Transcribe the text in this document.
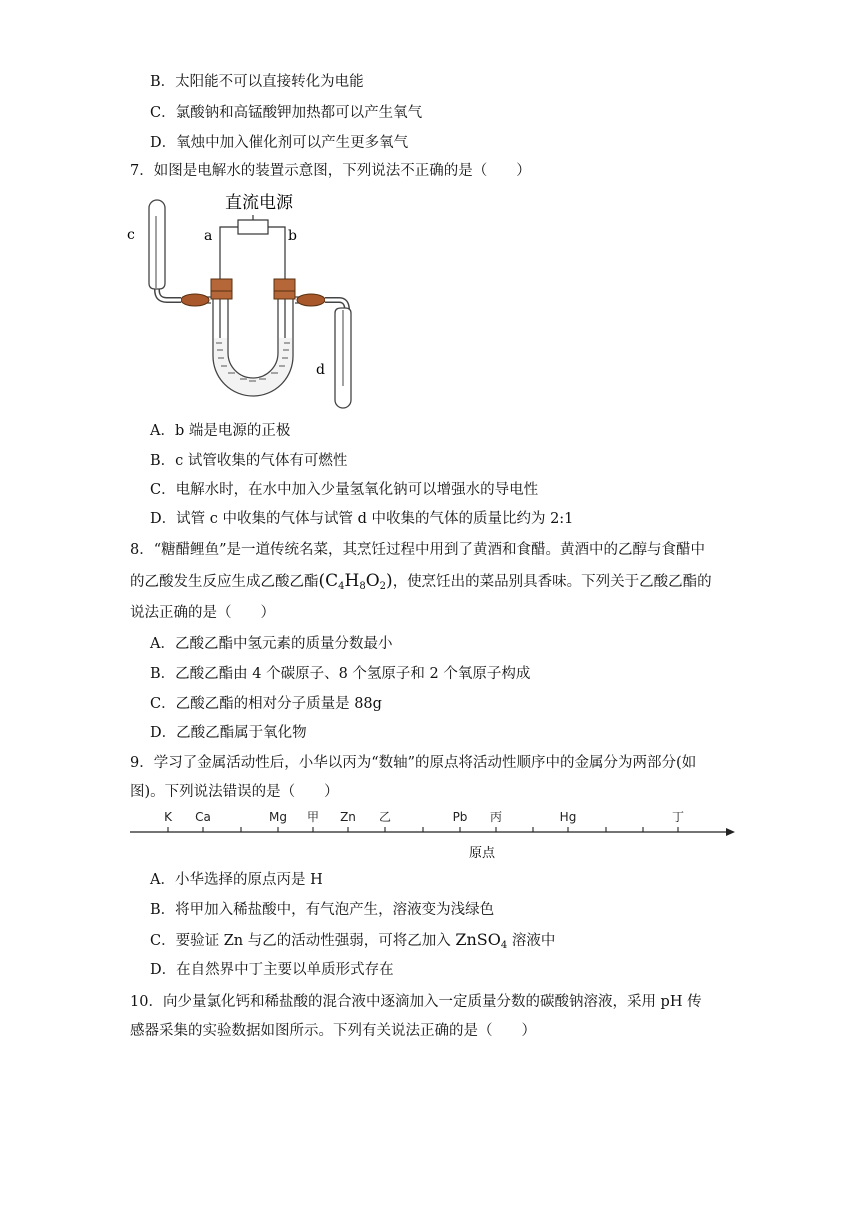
B．太阳能不可以直接转化为电能
C．氯酸钠和高锰酸钾加热都可以产生氧气
D．氧烛中加入催化剂可以产生更多氧气
7．如图是电解水的装置示意图，下列说法不正确的是（　　）
直流电源
a	b
c
d
A．b 端是电源的正极
B．c 试管收集的气体有可燃性
C．电解水时，在水中加入少量氢氧化钠可以增强水的导电性
D．试管 c 中收集的气体与试管 d 中收集的气体的质量比约为 2:1
8．“糖醋鲤鱼”是一道传统名菜，其烹饪过程中用到了黄酒和食醋。黄酒中的乙醇与食醋中
的乙酸发生反应生成乙酸乙酯$(C_4H_8O_2)$，使烹饪出的菜品别具香味。下列关于乙酸乙酯的
说法正确的是（　　）
A．乙酸乙酯中氢元素的质量分数最小
B．乙酸乙酯由 4 个碳原子、8 个氢原子和 2 个氧原子构成
C．乙酸乙酯的相对分子质量是 88g
D．乙酸乙酯属于氧化物
9．学习了金属活动性后，小华以丙为“数轴”的原点将活动性顺序中的金属分为两部分(如
图)。下列说法错误的是（　　）
K Ca	Mg 甲 Zn 乙	Pb 丙	Hg	丁
原点
A．小华选择的原点丙是 H
B．将甲加入稀盐酸中，有气泡产生，溶液变为浅绿色
C．要验证 Zn 与乙的活动性强弱，可将乙加入 ZnSO$_4$ 溶液中
D．在自然界中丁主要以单质形式存在
10．向少量氯化钙和稀盐酸的混合液中逐滴加入一定质量分数的碳酸钠溶液，采用 pH 传
感器采集的实验数据如图所示。下列有关说法正确的是（　　）
